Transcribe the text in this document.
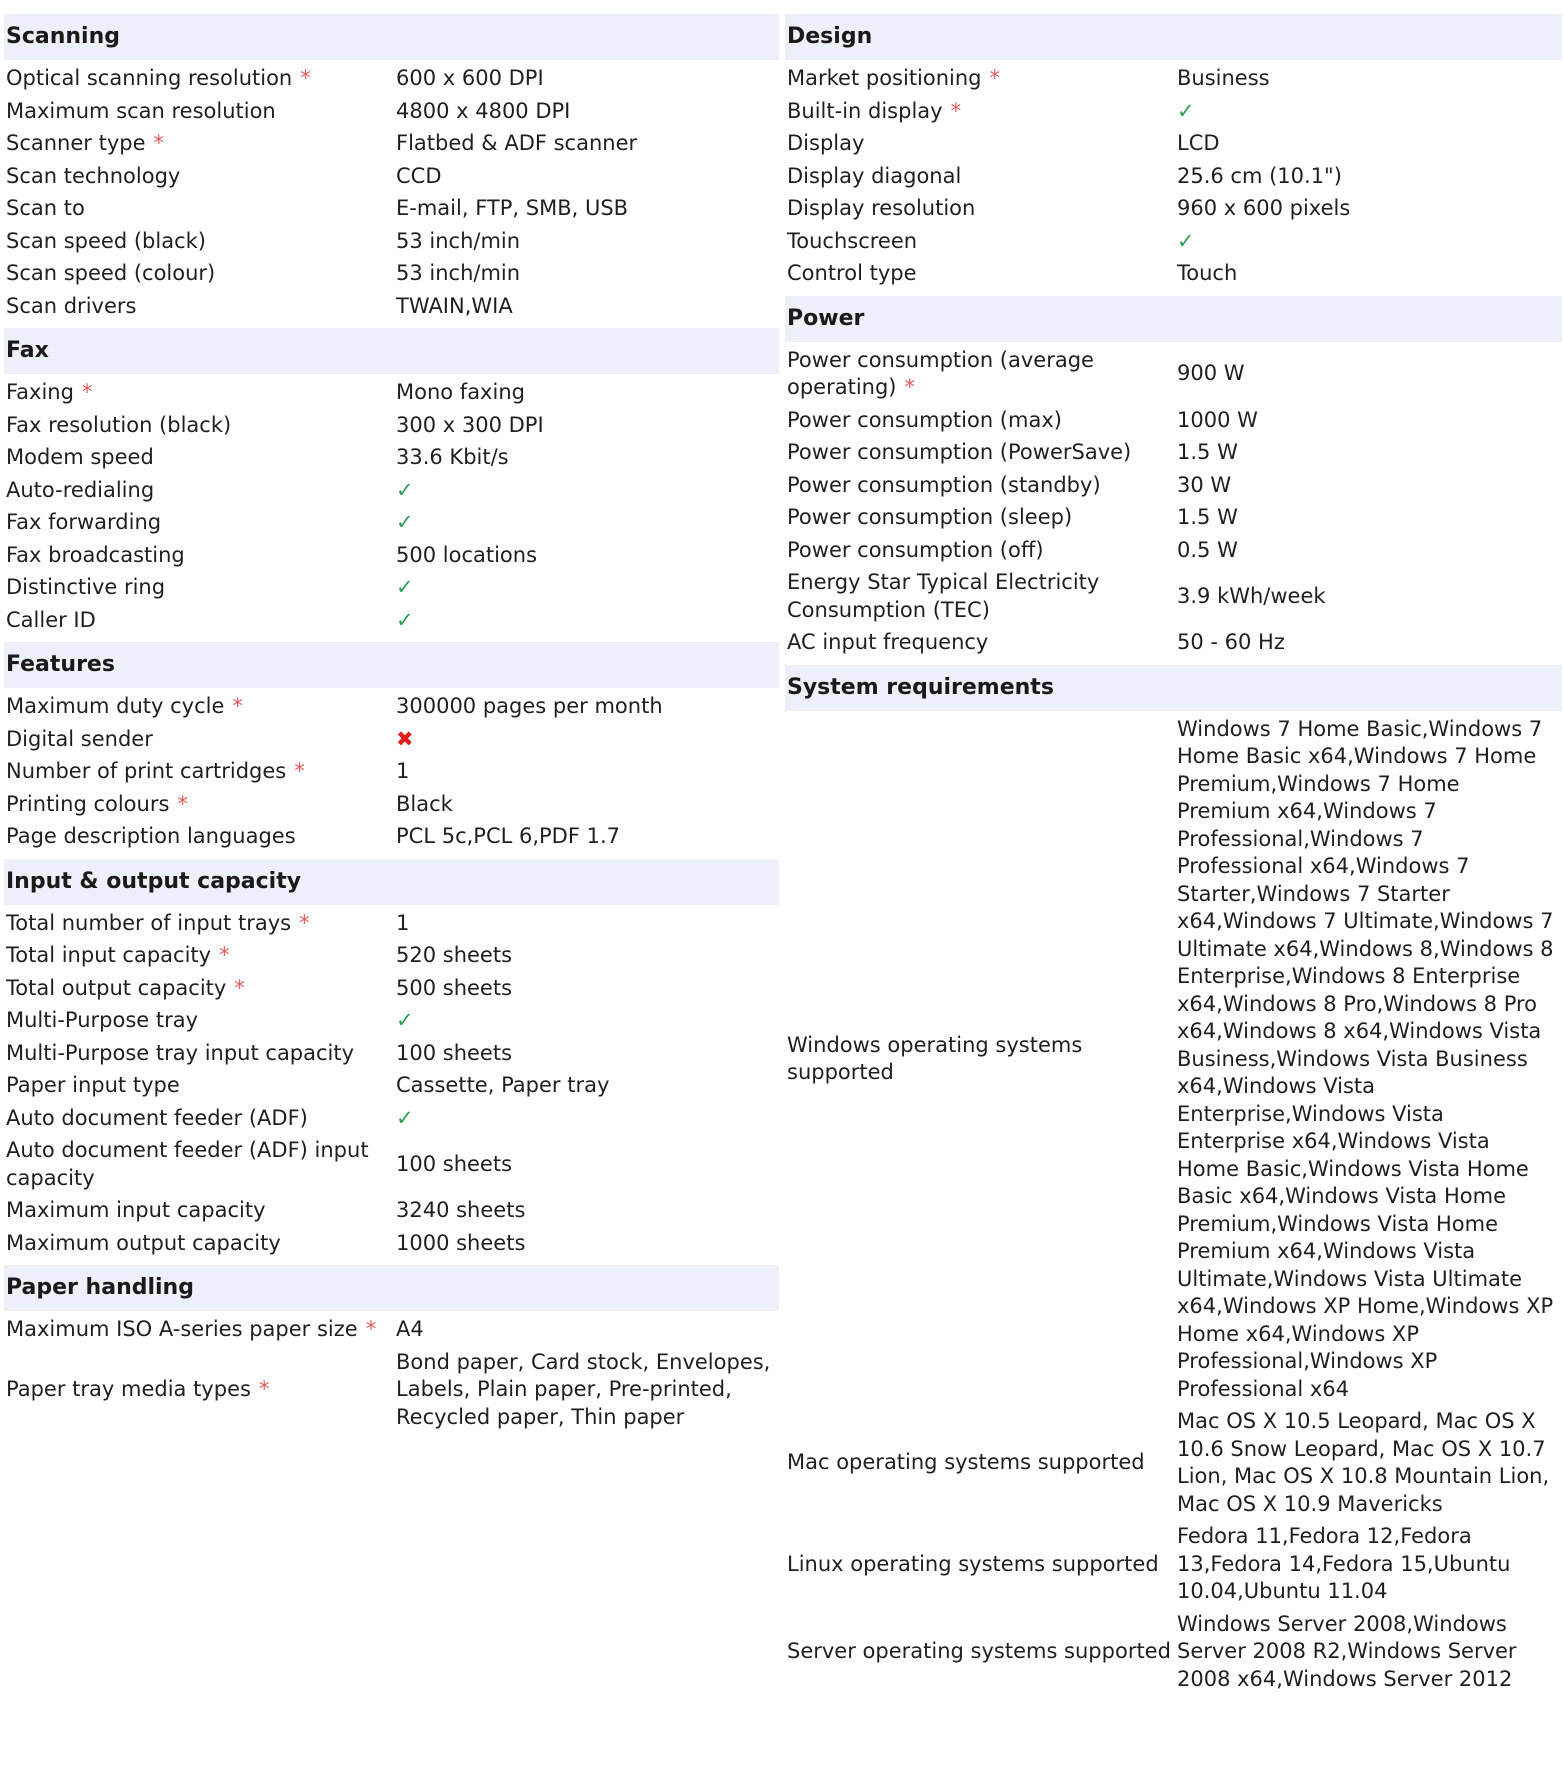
Scanning
Optical scanning resolution *	600 x 600 DPI
Maximum scan resolution	4800 x 4800 DPI
Scanner type *	Flatbed & ADF scanner
Scan technology	CCD
Scan to	E-mail, FTP, SMB, USB
Scan speed (black)	53 inch/min
Scan speed (colour)	53 inch/min
Scan drivers	TWAIN,WIA
Fax
Faxing *	Mono faxing
Fax resolution (black)	300 x 300 DPI
Modem speed	33.6 Kbit/s
Auto-redialing	✓
Fax forwarding	✓
Fax broadcasting	500 locations
Distinctive ring	✓
Caller ID	✓
Features
Maximum duty cycle *	300000 pages per month
Digital sender	✖
Number of print cartridges *	1
Printing colours *	Black
Page description languages	PCL 5c,PCL 6,PDF 1.7
Input & output capacity
Total number of input trays *	1
Total input capacity *	520 sheets
Total output capacity *	500 sheets
Multi-Purpose tray	✓
Multi-Purpose tray input capacity	100 sheets
Paper input type	Cassette, Paper tray
Auto document feeder (ADF)	✓
Auto document feeder (ADF) input capacity	100 sheets
Maximum input capacity	3240 sheets
Maximum output capacity	1000 sheets
Paper handling
Maximum ISO A-series paper size *	A4
Paper tray media types *	Bond paper, Card stock, Envelopes, Labels, Plain paper, Pre-printed, Recycled paper, Thin paper
Design
Market positioning *	Business
Built-in display *	✓
Display	LCD
Display diagonal	25.6 cm (10.1")
Display resolution	960 x 600 pixels
Touchscreen	✓
Control type	Touch
Power
Power consumption (average operating) *	900 W
Power consumption (max)	1000 W
Power consumption (PowerSave)	1.5 W
Power consumption (standby)	30 W
Power consumption (sleep)	1.5 W
Power consumption (off)	0.5 W
Energy Star Typical Electricity Consumption (TEC)	3.9 kWh/week
AC input frequency	50 - 60 Hz
System requirements
Windows operating systems supported	Windows 7 Home Basic,Windows 7 Home Basic x64,Windows 7 Home Premium,Windows 7 Home Premium x64,Windows 7 Professional,Windows 7 Professional x64,Windows 7 Starter,Windows 7 Starter x64,Windows 7 Ultimate,Windows 7 Ultimate x64,Windows 8,Windows 8 Enterprise,Windows 8 Enterprise x64,Windows 8 Pro,Windows 8 Pro x64,Windows 8 x64,Windows Vista Business,Windows Vista Business x64,Windows Vista Enterprise,Windows Vista Enterprise x64,Windows Vista Home Basic,Windows Vista Home Basic x64,Windows Vista Home Premium,Windows Vista Home Premium x64,Windows Vista Ultimate,Windows Vista Ultimate x64,Windows XP Home,Windows XP Home x64,Windows XP Professional,Windows XP Professional x64
Mac operating systems supported	Mac OS X 10.5 Leopard, Mac OS X 10.6 Snow Leopard, Mac OS X 10.7 Lion, Mac OS X 10.8 Mountain Lion, Mac OS X 10.9 Mavericks
Linux operating systems supported	Fedora 11,Fedora 12,Fedora 13,Fedora 14,Fedora 15,Ubuntu 10.04,Ubuntu 11.04
Server operating systems supported	Windows Server 2008,Windows Server 2008 R2,Windows Server 2008 x64,Windows Server 2012
